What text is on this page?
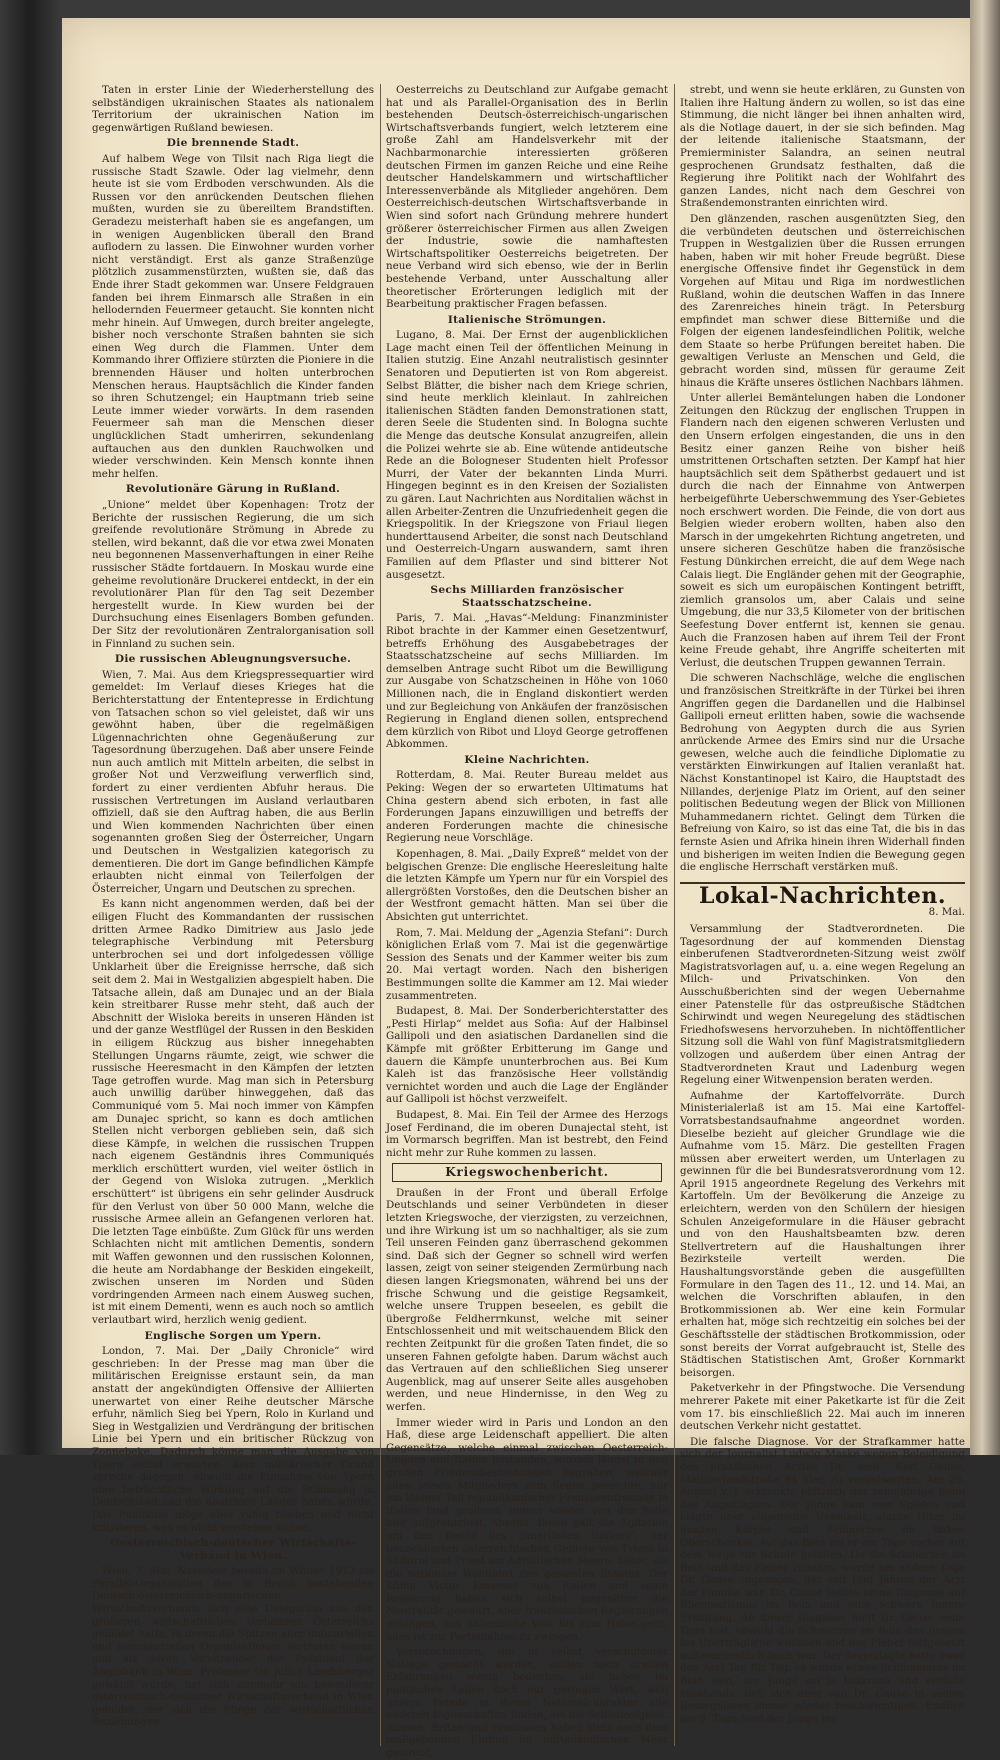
Taten in erster Linie der Wiederherstellung des selbständigen ukrainischen Staates als nationalem Territorium der ukrainischen Nation im gegenwärtigen Rußland bewiesen.

Die brennende Stadt.

Auf halbem Wege von Tilsit nach Riga liegt die russische Stadt Szawle. Oder lag vielmehr, denn heute ist sie vom Erdboden verschwunden. Als die Russen vor den anrückenden Deutschen fliehen mußten, wurden sie zu übereiltem Brandstiften. Geradezu meisterhaft haben sie es angefangen, um in wenigen Augenblicken überall den Brand auflodern zu lassen. Die Einwohner wurden vorher nicht verständigt. Erst als ganze Straßenzüge plötzlich zusammenstürzten, wußten sie, daß das Ende ihrer Stadt gekommen war. Unsere Feldgrauen fanden bei ihrem Einmarsch alle Straßen in ein hellodernden Feuermeer getaucht. Sie konnten nicht mehr hinein. Auf Umwegen, durch breiter angelegte, bisher noch verschonte Straßen bahnten sie sich einen Weg durch die Flammen. Unter dem Kommando ihrer Offiziere stürzten die Pioniere in die brennenden Häuser und holten unterbrochen Menschen heraus. Hauptsächlich die Kinder fanden so ihren Schutzengel; ein Hauptmann trieb seine Leute immer wieder vorwärts. In dem rasenden Feuermeer sah man die Menschen dieser unglücklichen Stadt umherirren, sekundenlang auftauchen aus den dunklen Rauchwolken und wieder verschwinden. Kein Mensch konnte ihnen mehr helfen.

Revolutionäre Gärung in Rußland.

„Unione“ meldet über Kopenhagen: Trotz der Berichte der russischen Regierung, die um sich greifende revolutionäre Strömung in Abrede zu stellen, wird bekannt, daß die vor etwa zwei Monaten neu begonnenen Massenverhaftungen in einer Reihe russischer Städte fortdauern. In Moskau wurde eine geheime revolutionäre Druckerei entdeckt, in der ein revolutionärer Plan für den Tag seit Dezember hergestellt wurde. In Kiew wurden bei der Durchsuchung eines Eisenlagers Bomben gefunden. Der Sitz der revolutionären Zentralorganisation soll in Finnland zu suchen sein.

Die russischen Ableugnungsversuche.

Wien, 7. Mai. Aus dem Kriegspressequartier wird gemeldet: Im Verlauf dieses Krieges hat die Berichterstattung der Ententepresse in Erdichtung von Tatsachen schon so viel geleistet, daß wir uns gewöhnt haben, über die regelmäßigen Lügennachrichten ohne Gegenäußerung zur Tagesordnung überzugehen. Daß aber unsere Feinde nun auch amtlich mit Mitteln arbeiten, die selbst in großer Not und Verzweiflung verwerflich sind, fordert zu einer verdienten Abfuhr heraus. Die russischen Vertretungen im Ausland verlautbaren offiziell, daß sie den Auftrag haben, die aus Berlin und Wien kommenden Nachrichten über einen sogenannten großen Sieg der Österreicher, Ungarn und Deutschen in Westgalizien kategorisch zu dementieren. Die dort im Gange befindlichen Kämpfe erlaubten nicht einmal von Teilerfolgen der Österreicher, Ungarn und Deutschen zu sprechen.

Es kann nicht angenommen werden, daß bei der eiligen Flucht des Kommandanten der russischen dritten Armee Radko Dimitriew aus Jaslo jede telegraphische Verbindung mit Petersburg unterbrochen sei und dort infolgedessen völlige Unklarheit über die Ereignisse herrsche, daß sich seit dem 2. Mai in Westgalizien abgespielt haben. Die Tatsache allein, daß am Dunajec und an der Biala kein streitbarer Russe mehr steht, daß auch der Abschnitt der Wisloka bereits in unseren Händen ist und der ganze Westflügel der Russen in den Beskiden in eiligem Rückzug aus bisher innegehabten Stellungen Ungarns räumte, zeigt, wie schwer die russische Heeresmacht in den Kämpfen der letzten Tage getroffen wurde. Mag man sich in Petersburg auch unwillig darüber hinweggehen, daß das Communiqué vom 5. Mai noch immer von Kämpfen am Dunajec spricht, so kann es doch amtlichen Stellen nicht verborgen geblieben sein, daß sich diese Kämpfe, in welchen die russischen Truppen nach eigenem Geständnis ihres Communiqués merklich erschüttert wurden, viel weiter östlich in der Gegend von Wisloka zutrugen. „Merklich erschüttert“ ist übrigens ein sehr gelinder Ausdruck für den Verlust von über 50 000 Mann, welche die russische Armee allein an Gefangenen verloren hat. Die letzten Tage einbüßte. Zum Glück für uns werden Schlachten nicht mit amtlichen Dementis, sondern mit Waffen gewonnen und den russischen Kolonnen, die heute am Nordabhange der Beskiden eingekeilt, zwischen unseren im Norden und Süden vordringenden Armeen nach einem Ausweg suchen, ist mit einem Dementi, wenn es auch noch so amtlich verlautbart wird, herzlich wenig gedient.

Englische Sorgen um Ypern.

London, 7. Mai. Der „Daily Chronicle“ wird geschrieben: In der Presse mag man über die militärischen Ereignisse erstaunt sein, da man anstatt der angekündigten Offensive der Alliierten unerwartet von einer Reihe deutscher Märsche erfuhr, nämlich Sieg bei Ypern, Rolo in Kurland und Sieg in Westgalizien und Verdrängung der britischen Linie bei Ypern und ein britischer Rückzug von Zonnebeke. Dadurch könne man die Ausgabe von Ypern selbst erwarten. Kein militärischer Grund spreche dagegen, obwohl die Einnahme von Ypern eine beträchtliche Wirkung auf die Stimmung in Deutschland und die neutralen Länder haben würde. Das Publikum möge aber ruhig bleiben und nicht kritisieren, was es nicht verstehen könne.

Oesterreichisch-deutscher Wirtschafts-Verband in Wien.

Wien, 7. Mai. Nachdem bereits im Winter 1913 als Parallel-Organisation des in Berlin bestehenden Deutsch-österreichisch-ungarischen Wirtschaftsverbands sich eine Delegation aus den größeren wirtschaftlichen Verbänden Österreichs gebildet hatte, in deren die Spitzen aller industriellen und kommerziellen Organisationen vertreten waren und als deren Vorsitzender der Präsident der Anglobank in Wien, Professor Dr. Julius Landsberger gewählt wurde, hat sich nunmehr ein besonderer österreichisch-deutscher Wirtschaftsverband in Wien gebildet, der sich die Pflege der wirtschaftlichen Beziehungen

Oesterreichs zu Deutschland zur Aufgabe gemacht hat und als Parallel-Organisation des in Berlin bestehenden Deutsch-österreichisch-ungarischen Wirtschaftsverbands fungiert, welch letzterem eine große Zahl am Handelsverkehr mit der Nachbarmonarchie interessierten größeren deutschen Firmen im ganzen Reiche und eine Reihe deutscher Handelskammern und wirtschaftlicher Interessenverbände als Mitglieder angehören. Dem Oesterreichisch-deutschen Wirtschaftsverbande in Wien sind sofort nach Gründung mehrere hundert größerer österreichischer Firmen aus allen Zweigen der Industrie, sowie die namhaftesten Wirtschaftspolitiker Oesterreichs beigetreten. Der neue Verband wird sich ebenso, wie der in Berlin bestehende Verband, unter Ausschaltung aller theoretischer Erörterungen lediglich mit der Bearbeitung praktischer Fragen befassen.

Italienische Strömungen.

Lugano, 8. Mai. Der Ernst der augenblicklichen Lage macht einen Teil der öffentlichen Meinung in Italien stutzig. Eine Anzahl neutralistisch gesinnter Senatoren und Deputierten ist von Rom abgereist. Selbst Blätter, die bisher nach dem Kriege schrien, sind heute merklich kleinlaut. In zahlreichen italienischen Städten fanden Demonstrationen statt, deren Seele die Studenten sind. In Bologna suchte die Menge das deutsche Konsulat anzugreifen, allein die Polizei wehrte sie ab. Eine wütende antideutsche Rede an die Bologneser Studenten hielt Professor Murri, der Vater der bekannten Linda Murri. Hingegen beginnt es in den Kreisen der Sozialisten zu gären. Laut Nachrichten aus Norditalien wächst in allen Arbeiter-Zentren die Unzufriedenheit gegen die Kriegspolitik. In der Kriegszone von Friaul liegen hunderttausend Arbeiter, die sonst nach Deutschland und Oesterreich-Ungarn auswandern, samt ihren Familien auf dem Pflaster und sind bitterer Not ausgesetzt.

Sechs Milliarden französischer Staatsschatzscheine.

Paris, 7. Mai. „Havas“-Meldung: Finanzminister Ribot brachte in der Kammer einen Gesetzentwurf, betreffs Erhöhung des Ausgabebetrages der Staatsschatzscheine auf sechs Milliarden. Im demselben Antrage sucht Ribot um die Bewilligung zur Ausgabe von Schatzscheinen in Höhe von 1060 Millionen nach, die in England diskontiert werden und zur Begleichung von Ankäufen der französischen Regierung in England dienen sollen, entsprechend dem kürzlich von Ribot und Lloyd George getroffenen Abkommen.

Kleine Nachrichten.

Rotterdam, 8. Mai. Reuter Bureau meldet aus Peking: Wegen der so erwarteten Ultimatums hat China gestern abend sich erboten, in fast alle Forderungen Japans einzuwilligen und betreffs der anderen Forderungen machte die chinesische Regierung neue Vorschläge.

Kopenhagen, 8. Mai. „Daily Expreß“ meldet von der belgischen Grenze: Die englische Heeresleitung halte die letzten Kämpfe um Ypern nur für ein Vorspiel des allergrößten Vorstoßes, den die Deutschen bisher an der Westfront gemacht hätten. Man sei über die Absichten gut unterrichtet.

Rom, 7. Mai. Meldung der „Agenzia Stefani“: Durch königlichen Erlaß vom 7. Mai ist die gegenwärtige Session des Senats und der Kammer weiter bis zum 20. Mai vertagt worden. Nach den bisherigen Bestimmungen sollte die Kammer am 12. Mai wieder zusammentreten.

Budapest, 8. Mai. Der Sonderberichterstatter des „Pesti Hirlap“ meldet aus Sofia: Auf der Halbinsel Gallipoli und den asiatischen Dardanellen sind die Kämpfe mit größter Erbitterung im Gange und dauern die Kämpfe ununterbrochen aus. Bei Kum Kaleh ist das französische Heer vollständig vernichtet worden und auch die Lage der Engländer auf Gallipoli ist höchst verzweifelt.

Budapest, 8. Mai. Ein Teil der Armee des Herzogs Josef Ferdinand, die im oberen Dunajectal steht, ist im Vormarsch begriffen. Man ist bestrebt, den Feind nicht mehr zur Ruhe kommen zu lassen.

Kriegswochenbericht.

Draußen in der Front und überall Erfolge Deutschlands und seiner Verbündeten in dieser letzten Kriegswoche, der vierzigsten, zu verzeichnen, und ihre Wirkung ist um so nachhaltiger, als sie zum Teil unseren Feinden ganz überraschend gekommen sind. Daß sich der Gegner so schnell wird werfen lassen, zeigt von seiner steigenden Zermürbung nach diesen langen Kriegsmonaten, während bei uns der frische Schwung und die geistige Regsamkeit, welche unsere Truppen beseelen, es gebilt die übergroße Feldherrnkunst, welche mit seiner Entschlossenheit und mit weitschauendem Blick den rechten Zeitpunkt für die großen Taten findet, die so unseren Fahnen gefolgte haben. Darum wächst auch das Vertrauen auf den schließlichen Sieg unserer Augenblick, mag auf unserer Seite alles ausgehoben werden, und neue Hindernisse, in den Weg zu werfen.

Immer wieder wird in Paris und London an den Haß, diese arge Leidenschaft appelliert. Die alten Gegensätze, welche einmal zwischen Oesterreich-Ungarn und Italien bestanden, wurden längst in den großen Friedensbestrebungen begraben, welcher allen seinen Mitgliedern zum Segen gereichte; nur ein kleiner Teil republikanischer Franzosenfreunde in Italien fand grollend, immer wieder von der Seite hier aufgestachelt, abseits. Ihnen galt die Agitation um den Besitz des „unerlösten Italiens“, der benachbarten österreichischen Gebiete von Trient in Südtirol und Triest am Adriatischen Meere, höher, als die nationale Wohlfahrt des gesamten Staates. Der König Victor Emanuel von Italien und seine Regierung haben sich selbst gegenüber die Neutralität gewahrt, aber französischen Regierungen gelungen, das italienische Volk bis zum Halse geht, alles ist zur Parteinahme zu zwingen.

Versprechungen, die in selbst verschuldeter Notlage gemacht werden, wollen nach uralten Erfahrungen wenig bedeuten; sie haben im politischen Leben doch nur geringen Wert, weil unsere Feinde in ihrem Nationalcharakter alle anderen Eigenschaften finden, als die Selbstlosigkeit. Russen, Briten und Franzosen haben stets nach dem maßgebenden Einfluß im mittelländischen Meer gestrebt,

strebt, und wenn sie heute erklären, zu Gunsten von Italien ihre Haltung ändern zu wollen, so ist das eine Stimmung, die nicht länger bei ihnen anhalten wird, als die Notlage dauert, in der sie sich befinden. Mag der leitende italienische Staatsmann, der Premierminister Salandra, an seinen neutral gesprochenen Grundsatz festhalten, daß die Regierung ihre Politikt nach der Wohlfahrt des ganzen Landes, nicht nach dem Geschrei von Straßendemonstranten einrichten wird.

Den glänzenden, raschen ausgenützten Sieg, den die verbündeten deutschen und österreichischen Truppen in Westgalizien über die Russen errungen haben, haben wir mit hoher Freude begrüßt. Diese energische Offensive findet ihr Gegenstück in dem Vorgehen auf Mitau und Riga im nordwestlichen Rußland, wohin die deutschen Waffen in das Innere des Zarenreiches hinein trägt. In Petersburg empfindet man schwer diese Bitterniße und die Folgen der eigenen landesfeindlichen Politik, welche dem Staate so herbe Prüfungen bereitet haben. Die gewaltigen Verluste an Menschen und Geld, die gebracht worden sind, müssen für geraume Zeit hinaus die Kräfte unseres östlichen Nachbars lähmen.

Unter allerlei Bemäntelungen haben die Londoner Zeitungen den Rückzug der englischen Truppen in Flandern nach den eigenen schweren Verlusten und den Unsern erfolgen eingestanden, die uns in den Besitz einer ganzen Reihe von bisher heiß umstrittenen Ortschaften setzten. Der Kampf hat hier hauptsächlich seit dem Spätherbst gedauert und ist durch die nach der Einnahme von Antwerpen herbeigeführte Ueberschwemmung des Yser-Gebietes noch erschwert worden. Die Feinde, die von dort aus Belgien wieder erobern wollten, haben also den Marsch in der umgekehrten Richtung angetreten, und unsere sicheren Geschütze haben die französische Festung Dünkirchen erreicht, die auf dem Wege nach Calais liegt. Die Engländer gehen mit der Geographie, soweit es sich um europäischen Kontingent betrifft, ziemlich gransolos um, aber Calais und seine Umgebung, die nur 33,5 Kilometer von der britischen Seefestung Dover entfernt ist, kennen sie genau. Auch die Franzosen haben auf ihrem Teil der Front keine Freude gehabt, ihre Angriffe scheiterten mit Verlust, die deutschen Truppen gewannen Terrain.

Die schweren Nachschläge, welche die englischen und französischen Streitkräfte in der Türkei bei ihren Angriffen gegen die Dardanellen und die Halbinsel Gallipoli erneut erlitten haben, sowie die wachsende Bedrohung von Aegypten durch die aus Syrien anrückende Armee des Emirs sind nur die Ursache gewesen, welche auch die feindliche Diplomatie zu verstärkten Einwirkungen auf Italien veranlaßt hat. Nächst Konstantinopel ist Kairo, die Hauptstadt des Nillandes, derjenige Platz im Orient, auf den seiner politischen Bedeutung wegen der Blick von Millionen Muhammedanern richtet. Gelingt dem Türken die Befreiung von Kairo, so ist das eine Tat, die bis in das fernste Asien und Afrika hinein ihren Widerhall finden und bisherigen im weiten Indien die Bewegung gegen die englische Herrschaft verstärken muß.

Lokal-Nachrichten.
8. Mai.

Versammlung der Stadtverordneten. Die Tagesordnung der auf kommenden Dienstag einberufenen Stadtverordneten-Sitzung weist zwölf Magistratsvorlagen auf, u. a. eine wegen Regelung an Milch- und Privatschinken. Von den Ausschußberichten sind der wegen Uebernahme einer Patenstelle für das ostpreußische Städtchen Schirwindt und wegen Neuregelung des städtischen Friedhofswesens hervorzuheben. In nichtöffentlicher Sitzung soll die Wahl von fünf Magistratsmitgliedern vollzogen und außerdem über einen Antrag der Stadtverordneten Kraut und Ladenburg wegen Regelung einer Witwenpension beraten werden.

Aufnahme der Kartoffelvorräte. Durch Ministerialerlaß ist am 15. Mai eine Kartoffel-Vorratsbestandsaufnahme angeordnet worden. Dieselbe bezieht auf gleicher Grundlage wie die Aufnahme vom 15. März. Die gestellten Fragen müssen aber erweitert werden, um Unterlagen zu gewinnen für die bei Bundesratsverordnung vom 12. April 1915 angeordnete Regelung des Verkehrs mit Kartoffeln. Um der Bevölkerung die Anzeige zu erleichtern, werden von den Schülern der hiesigen Schulen Anzeigeformulare in die Häuser gebracht und von den Haushaltsbeamten bzw. deren Stellvertretern auf die Haushaltungen ihrer Bezirksteile verteilt werden. Die Haushaltungsvorstände geben die ausgefüllten Formulare in den Tagen des 11., 12. und 14. Mai, an welchen die Vorschriften ablaufen, in den Brotkommissionen ab. Wer eine kein Formular erhalten hat, möge sich rechtzeitig ein solches bei der Geschäftsstelle der städtischen Brotkommission, oder sonst bereits der Vorrat aufgebraucht ist, Stelle des Städtischen Statistischen Amt, Großer Kornmarkt beisorgen.

Paketverkehr in der Pfingstwoche. Die Versendung mehrerer Pakete mit einer Paketkarte ist für die Zeit vom 17. bis einschließlich 22. Mai auch im inneren deutschen Verkehr nicht gestattet.

Die falsche Diagnose. Vor der Strafkammer hatte sich der Journalist Ludwig Maske wegen Beleidigung des praktischen Arztes Dr. med. Karl Gause, Mainzerlandstraße 84 hier, zu verantworten. Am 20. August v. J. erkrankte plötzlich der zehnjährige Sohn des Angeklagten. Der Junge kam vom Spielen und klagte über allgemeine Uebelkeit, starke Hitze im ganzen Körper und Schmerzen im linken Oberschenkel. Auf das Bein sei er am Tage vorher auf dem Wege zur Schule gefallen. Da die Schmerzen im Bein und das Fieber zunahm, wurde am andern Tage Dr. Gause zugezogen, der seit fünf Jahren der Arzt der Familie war. Dr. Gause stellte keine Diagnose auf Rheumatismus im Bein und eine schwere innere Erkältung. An dieser Diagnose hielt Dr. Gause neun Tage fest, obwohl die Schmerzen im Bein des Jungen ins Unerträgliche wuchsen und das Fieber fortgesetzt außerordentlich hoch war. Der Angeklagte hatte zwar den Arzt Tag für Tag, es wurde etwas Schlimmeres im Bein sein, der Junge sei ja todkrank und verfalle zusehends, ließ sich aber von Dr. Gause in seinen Besorgnissen immer wieder beschwichtigen. Endlich am 9. Tage fand der Junge ins
